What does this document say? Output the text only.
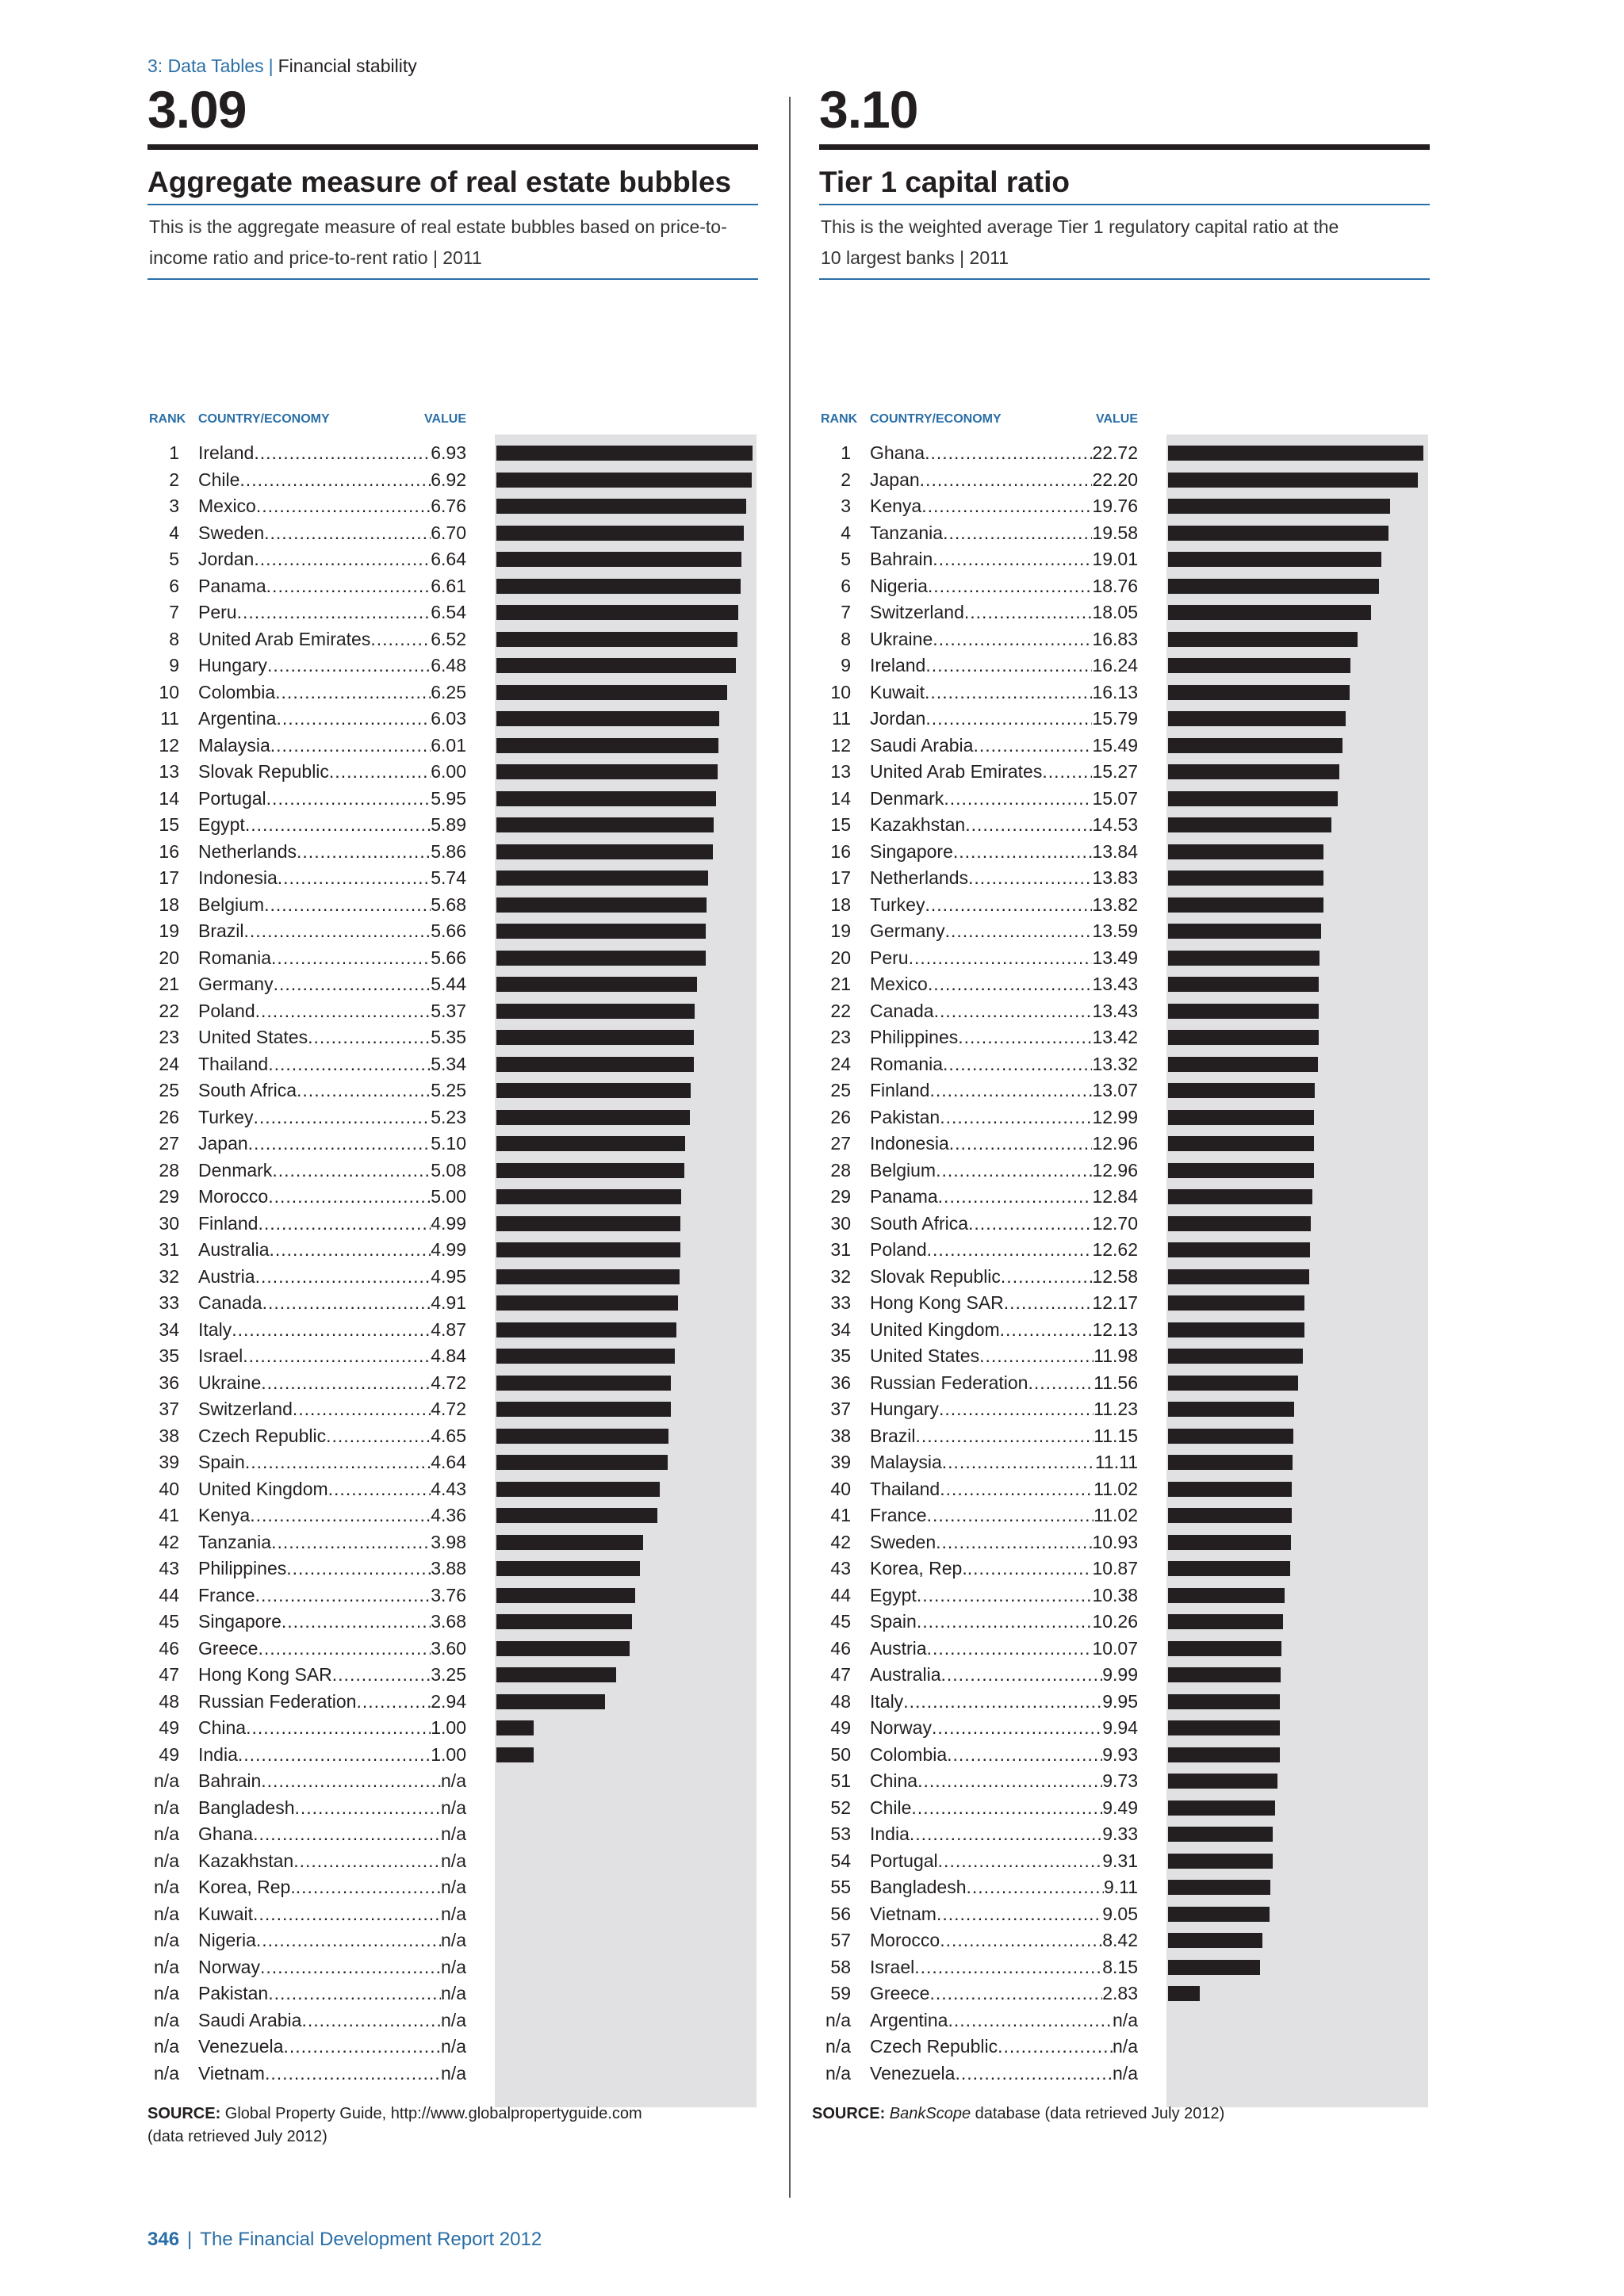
3: Data Tables | Financial stability
3.09
Aggregate measure of real estate bubbles
This is the aggregate measure of real estate bubbles based on price-to-
income ratio and price-to-rent ratio | 2011
RANK COUNTRY/ECONOMY	VALUE
1 Ireland .....	6.93
2 Chile .....	6.92
3 Mexico .....	6.76
4 Sweden .....	6.70
5 Jordan .....	6.64
6 Panama .....	6.61
7 Peru .....	6.54
8 United Arab Emirates .....	6.52
9 Hungary .....	6.48
10 Colombia .....	6.25
11 Argentina .....	6.03
12 Malaysia .....	6.01
13 Slovak Republic .....	6.00
14 Portugal .....	5.95
15 Egypt .....	5.89
16 Netherlands .....	5.86
17 Indonesia .....	5.74
18 Belgium .....	5.68
19 Brazil .....	5.66
20 Romania .....	5.66
21 Germany .....	5.44
22 Poland .....	5.37
23 United States .....	5.35
24 Thailand .....	5.34
25 South Africa .....	5.25
26 Turkey .....	5.23
27 Japan .....	5.10
28 Denmark .....	5.08
29 Morocco .....	5.00
30 Finland .....	4.99
31 Australia .....	4.99
32 Austria .....	4.95
33 Canada .....	4.91
34 Italy .....	4.87
35 Israel .....	4.84
36 Ukraine .....	4.72
37 Switzerland .....	4.72
38 Czech Republic .....	4.65
39 Spain .....	4.64
40 United Kingdom .....	4.43
41 Kenya .....	4.36
42 Tanzania .....	3.98
43 Philippines .....	3.88
44 France .....	3.76
45 Singapore .....	3.68
46 Greece .....	3.60
47 Hong Kong SAR .....	3.25
48 Russian Federation .....	2.94
49 China .....	1.00
49 India .....	1.00
n/a Bahrain .....	n/a
n/a Bangladesh .....	n/a
n/a Ghana .....	n/a
n/a Kazakhstan .....	n/a
n/a Korea, Rep. .....	n/a
n/a Kuwait .....	n/a
n/a Nigeria .....	n/a
n/a Norway .....	n/a
n/a Pakistan .....	n/a
n/a Saudi Arabia .....	n/a
n/a Venezuela .....	n/a
n/a Vietnam .....	n/a
3.10
Tier 1 capital ratio
This is the weighted average Tier 1 regulatory capital ratio at the
10 largest banks | 2011
RANK COUNTRY/ECONOMY	VALUE
1 Ghana .....	22.72
2 Japan .....	22.20
3 Kenya .....	19.76
4 Tanzania .....	19.58
5 Bahrain .....	19.01
6 Nigeria .....	18.76
7 Switzerland .....	18.05
8 Ukraine .....	16.83
9 Ireland .....	16.24
10 Kuwait .....	16.13
11 Jordan .....	15.79
12 Saudi Arabia .....	15.49
13 United Arab Emirates .....	15.27
14 Denmark .....	15.07
15 Kazakhstan .....	14.53
16 Singapore .....	13.84
17 Netherlands .....	13.83
18 Turkey .....	13.82
19 Germany .....	13.59
20 Peru .....	13.49
21 Mexico .....	13.43
22 Canada .....	13.43
23 Philippines .....	13.42
24 Romania .....	13.32
25 Finland .....	13.07
26 Pakistan .....	12.99
27 Indonesia .....	12.96
28 Belgium .....	12.96
29 Panama .....	12.84
30 South Africa .....	12.70
31 Poland .....	12.62
32 Slovak Republic .....	12.58
33 Hong Kong SAR .....	12.17
34 United Kingdom .....	12.13
35 United States .....	11.98
36 Russian Federation .....	11.56
37 Hungary .....	11.23
38 Brazil .....	11.15
39 Malaysia .....	11.11
40 Thailand .....	11.02
41 France .....	11.02
42 Sweden .....	10.93
43 Korea, Rep. .....	10.87
44 Egypt .....	10.38
45 Spain .....	10.26
46 Austria .....	10.07
47 Australia .....	9.99
48 Italy .....	9.95
49 Norway .....	9.94
50 Colombia .....	9.93
51 China .....	9.73
52 Chile .....	9.49
53 India .....	9.33
54 Portugal .....	9.31
55 Bangladesh .....	9.11
56 Vietnam .....	9.05
57 Morocco .....	8.42
58 Israel .....	8.15
59 Greece .....	2.83
n/a Argentina .....	n/a
n/a Czech Republic .....	n/a
n/a Venezuela .....	n/a
SOURCE: Global Property Guide, http://www.globalpropertyguide.com
(data retrieved July 2012)
SOURCE: BankScope database (data retrieved July 2012)
346 | The Financial Development Report 2012
